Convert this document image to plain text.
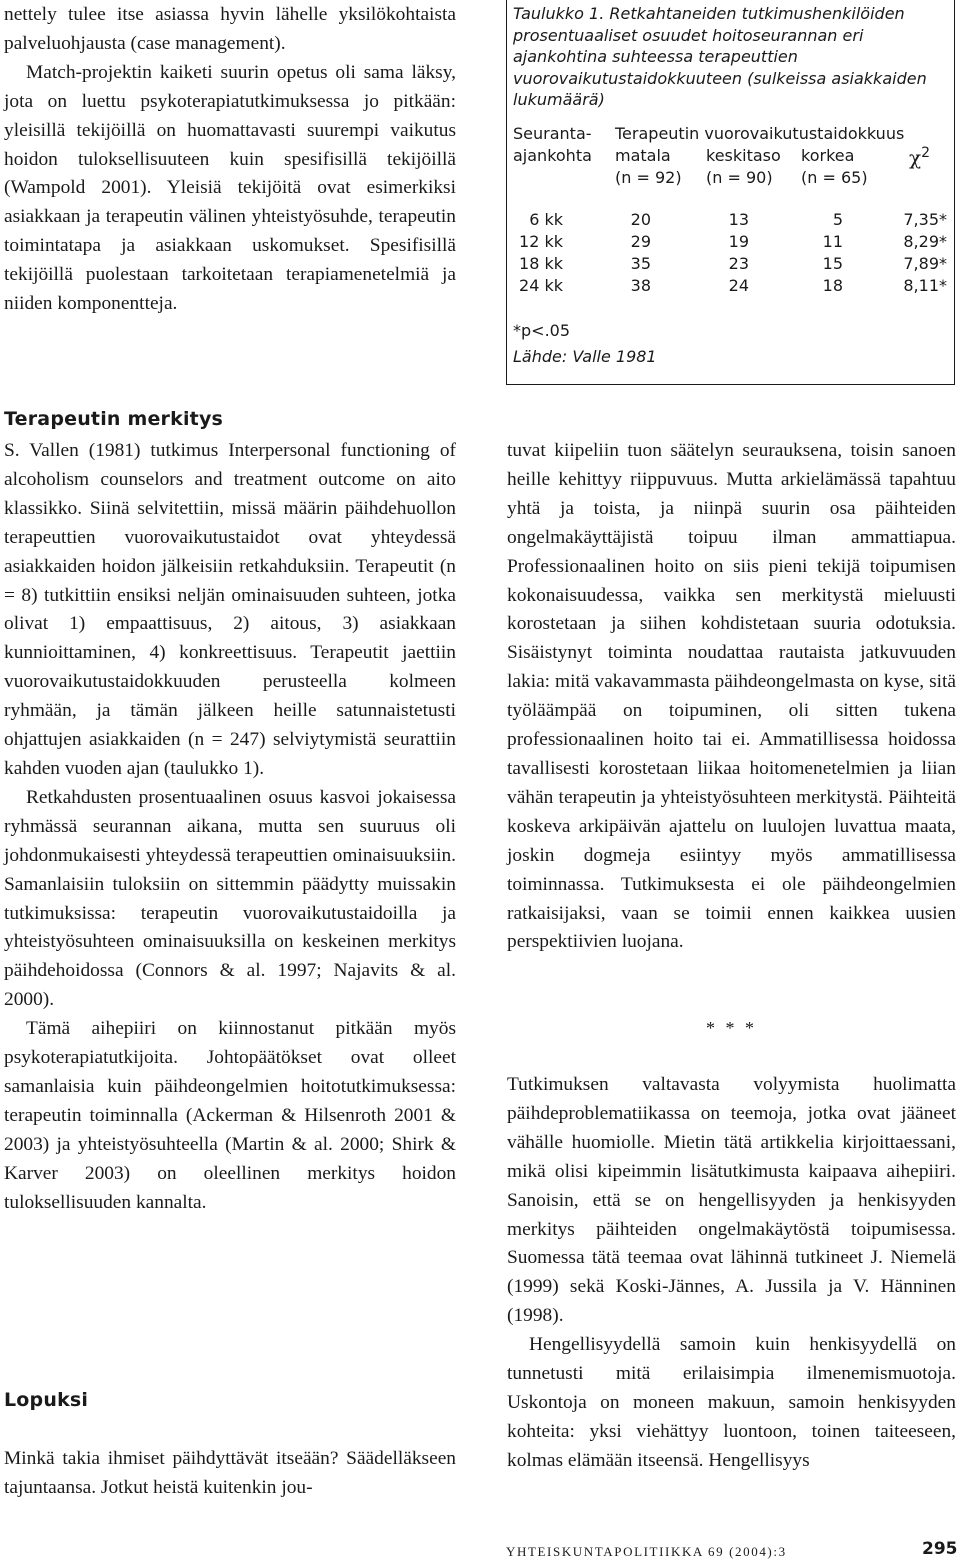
nettely tulee itse asiassa hyvin lähelle yksilökohtaista palveluohjausta (case management).

Match-projektin kaiketi suurin opetus oli sama läksy, jota on luettu psykoterapiatutkimuksessa jo pitkään: yleisillä tekijöillä on huomattavasti suurempi vaikutus hoidon tuloksellisuuteen kuin spesifisillä tekijöillä (Wampold 2001). Yleisiä tekijöitä ovat esimerkiksi asiakkaan ja terapeutin välinen yhteistyösuhde, terapeutin toimintatapa ja asiakkaan uskomukset. Spesifisillä tekijöillä puolestaan tarkoitetaan terapiamenetelmiä ja niiden komponentteja.

Terapeutin merkitys

S. Vallen (1981) tutkimus Interpersonal functioning of alcoholism counselors and treatment outcome on aito klassikko. Siinä selvitettiin, missä määrin päihdehuollon terapeuttien vuorovaikutustaidot ovat yhteydessä asiakkaiden hoidon jälkeisiin retkahduksiin. Terapeutit (n = 8) tutkittiin ensiksi neljän ominaisuuden suhteen, jotka olivat 1) empaattisuus, 2) aitous, 3) asiakkaan kunnioittaminen, 4) konkreettisuus. Terapeutit jaettiin vuorovaikutustaidokkuuden perusteella kolmeen ryhmään, ja tämän jälkeen heille satunnaistetusti ohjattujen asiakkaiden (n = 247) selviytymistä seurattiin kahden vuoden ajan (taulukko 1).

Retkahdusten prosentuaalinen osuus kasvoi jokaisessa ryhmässä seurannan aikana, mutta sen suuruus oli johdonmukaisesti yhteydessä terapeuttien ominaisuuksiin. Samanlaisiin tuloksiin on sittemmin päädytty muissakin tutkimuksissa: terapeutin vuorovaikutustaidoilla ja yhteistyösuhteen ominaisuuksilla on keskeinen merkitys päihdehoidossa (Connors & al. 1997; Najavits & al. 2000).

Tämä aihepiiri on kiinnostanut pitkään myös psykoterapiatutkijoita. Johtopäätökset ovat olleet samanlaisia kuin päihdeongelmien hoitotutkimuksessa: terapeutin toiminnalla (Ackerman & Hilsenroth 2001 & 2003) ja yhteistyösuhteella (Martin & al. 2000; Shirk & Karver 2003) on oleellinen merkitys hoidon tuloksellisuuden kannalta.

Lopuksi

Minkä takia ihmiset päihdyttävät itseään? Säädelläkseen tajuntaansa. Jotkut heistä kuitenkin jou-

Taulukko 1. Retkahtaneiden tutkimushenkilöiden prosentuaaliset osuudet hoitoseurannan eri ajankohtina suhteessa terapeuttien vuorovaikutustaidokkuuteen (sulkeissa asiakkaiden lukumäärä)
Seuranta-
ajankohta
Terapeutin vuorovaikutustaidokkuus
matala keskitaso korkea
(n = 92) (n = 90) (n = 65)
$\chi^2$
6 kk	20	13	5	7,35*
12 kk	29	19	11	8,29*
18 kk	35	23	15	7,89*
24 kk	38	24	18	8,11*
*p<.05
Lähde: Valle 1981

tuvat kiipeliin tuon säätelyn seurauksena, toisin sanoen heille kehittyy riippuvuus. Mutta arkielämässä tapahtuu yhtä ja toista, ja niinpä suurin osa päihteiden ongelmakäyttäjistä toipuu ilman ammattiapua. Professionaalinen hoito on siis pieni tekijä toipumisen kokonaisuudessa, vaikka sen merkitystä mieluusti korostetaan ja siihen kohdistetaan suuria odotuksia. Sisäistynyt toiminta noudattaa rautaista jatkuvuuden lakia: mitä vakavammasta päihdeongelmasta on kyse, sitä työläämpää on toipuminen, oli sitten tukena professionaalinen hoito tai ei. Ammatillisessa hoidossa tavallisesti korostetaan liikaa hoitomenetelmien ja liian vähän terapeutin ja yhteistyösuhteen merkitystä. Päihteitä koskeva arkipäivän ajattelu on luulojen luvattua maata, joskin dogmeja esiintyy myös ammatillisessa toiminnassa. Tutkimuksesta ei ole päihdeongelmien ratkaisijaksi, vaan se toimii ennen kaikkea uusien perspektiivien luojana.

* * *

Tutkimuksen valtavasta volyymista huolimatta päihdeproblematiikassa on teemoja, jotka ovat jääneet vähälle huomiolle. Mietin tätä artikkelia kirjoittaessani, mikä olisi kipeimmin lisätutkimusta kaipaava aihepiiri. Sanoisin, että se on hengellisyyden ja henkisyyden merkitys päihteiden ongelmakäytöstä toipumisessa. Suomessa tätä teemaa ovat lähinnä tutkineet J. Niemelä (1999) sekä Koski-Jännes, A. Jussila ja V. Hänninen (1998).

Hengellisyydellä samoin kuin henkisyydellä on tunnetusti mitä erilaisimpia ilmenemismuotoja. Uskontoja on moneen makuun, samoin henkisyyden kohteita: yksi viehättyy luontoon, toinen taiteeseen, kolmas elämään itseensä. Hengellisyys

YHTEISKUNTAPOLITIIKKA 69 (2004):3	295
